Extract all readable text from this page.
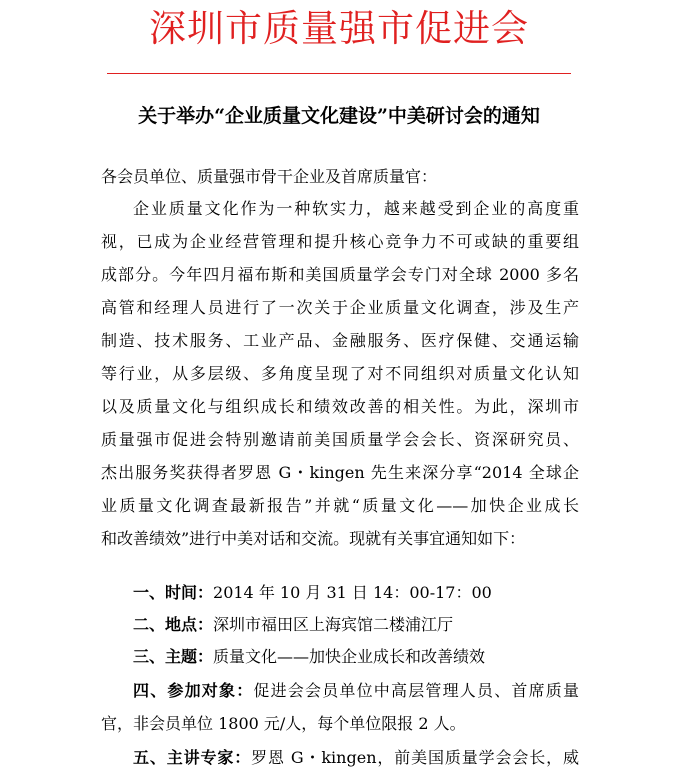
深圳市质量强市促进会
关于举办“企业质量文化建设”中美研讨会的通知
各会员单位、质量强市骨干企业及首席质量官：
企业质量文化作为一种软实力，越来越受到企业的高度重
视，已成为企业经营管理和提升核心竞争力不可或缺的重要组
成部分。今年四月福布斯和美国质量学会专门对全球 2000 多名
高管和经理人员进行了一次关于企业质量文化调查，涉及生产
制造、技术服务、工业产品、金融服务、医疗保健、交通运输
等行业，从多层级、多角度呈现了对不同组织对质量文化认知
以及质量文化与组织成长和绩效改善的相关性。为此，深圳市
质量强市促进会特别邀请前美国质量学会会长、资深研究员、
杰出服务奖获得者罗恩 G・kingen 先生来深分享“2014 全球企
业质量文化调查最新报告”并就“质量文化——加快企业成长
和改善绩效”进行中美对话和交流。现就有关事宜通知如下：
一、时间：2014 年 10 月 31 日 14：00-17：00
二、地点：深圳市福田区上海宾馆二楼浦江厅
三、主题：质量文化——加快企业成长和改善绩效
四、参加对象：促进会会员单位中高层管理人员、首席质量
官，非会员单位 1800 元/人，每个单位限报 2 人。
五、主讲专家：罗恩 G・kingen，前美国质量学会会长，威
